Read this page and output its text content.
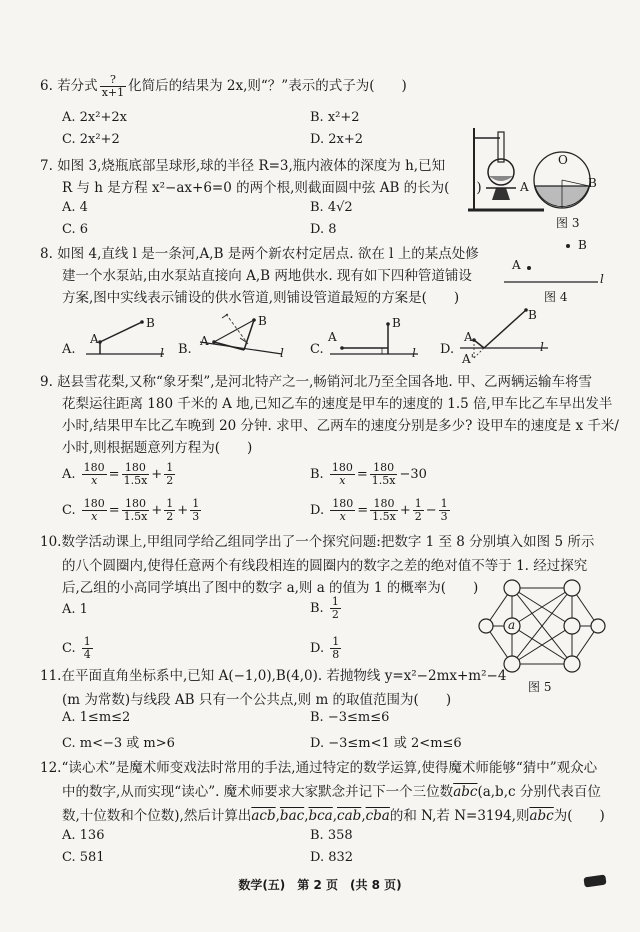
6. 若分式 $\frac{?}{x+1}$ 化简后的结果为 2x,则“？”表示的式子为(　　)
A. 2x²+2x	B. x²+2
C. 2x²+2	D. 2x+2
7. 如图 3,烧瓶底部呈球形,球的半径 R=3,瓶内液体的深度为 h,已知
R 与 h 是方程 x²−ax+6=0 的两个根,则截面圆中弦 AB 的长为(　　)
A. 4	B. 4√2
C. 6	D. 8
O
A	B
图 3
8. 如图 4,直线 l 是一条河,A,B 是两个新农村定居点. 欲在 l 上的某点处修
建一个水泵站,由水泵站直接向 A,B 两地供水. 现有如下四种管道铺设
方案,图中实线表示铺设的供水管道,则铺设管道最短的方案是(　　)
B
A
l
图 4
A.
A
B
l B.
A
B
l C.
A
B
l D.
A
A'
B
l
9. 赵县雪花梨,又称“象牙梨”,是河北特产之一,畅销河北乃至全国各地. 甲、乙两辆运输车将雪
花梨运往距离 180 千米的 A 地,已知乙车的速度是甲车的速度的 1.5 倍,甲车比乙车早出发半
小时,结果甲车比乙车晚到 20 分钟. 求甲、乙两车的速度分别是多少? 设甲车的速度是 x 千米/
小时,则根据题意列方程为(　　)
A. $\frac{180}{x} = \frac{180}{1.5x} + \frac{1}{2}$	B. $\frac{180}{x} = \frac{180}{1.5x} -30$
C. $\frac{180}{x} = \frac{180}{1.5x} + \frac{1}{2} + \frac{1}{3}$	D. $\frac{180}{x} = \frac{180}{1.5x} + \frac{1}{2} - \frac{1}{3}$
10.数学活动课上,甲组同学给乙组同学出了一个探究问题:把数字 1 至 8 分别填入如图 5 所示
的八个圆圈内,使得任意两个有线段相连的圆圈内的数字之差的绝对值不等于 1. 经过探究
后,乙组的小高同学填出了图中的数字 a,则 a 的值为 1 的概率为(　　)
A. 1	B. $\frac{1}{2}$
C. $\frac{1}{4}$	D. $\frac{1}{8}$
a
图 5
11.在平面直角坐标系中,已知 A(−1,0),B(4,0). 若抛物线 y=x²−2mx+m²−4
(m 为常数)与线段 AB 只有一个公共点,则 m 的取值范围为(　　)
A. 1≤m≤2	B. −3≤m≤6
C. m<−3 或 m>6	D. −3≤m<1 或 2<m≤6
12.“读心术”是魔术师变戏法时常用的手法,通过特定的数学运算,使得魔术师能够“猜中”观众心
中的数字,从而实现“读心”. 魔术师要求大家默念并记下一个三位数$\overline{abc}(a,b,c$ 分别代表百位
数,十位数和个位数),然后计算出$\overline{acb},\overline{bac},\overline{bca},\overline{cab},\overline{cba}$的和 N,若 N=3194,则$\overline{abc}$为(　　)
A. 136	B. 358
C. 581	D. 832
数学(五)　第 2 页　(共 8 页)
